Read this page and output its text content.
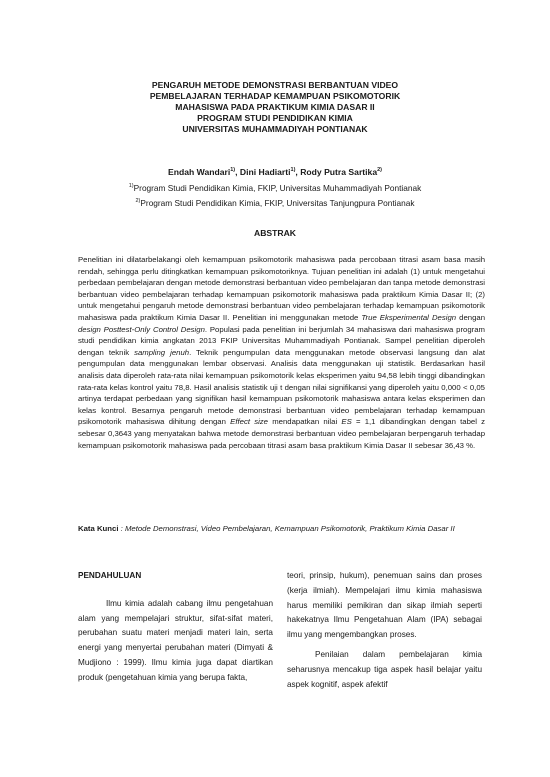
PENGARUH METODE DEMONSTRASI BERBANTUAN VIDEO
PEMBELAJARAN TERHADAP KEMAMPUAN PSIKOMOTORIK
MAHASISWA PADA PRAKTIKUM KIMIA DASAR II
PROGRAM STUDI PENDIDIKAN KIMIA
UNIVERSITAS MUHAMMADIYAH PONTIANAK
Endah Wandari$^{1)}$, Dini Hadiarti$^{1)}$, Rody Putra Sartika$^{2)}$
$^{1)}$Program Studi Pendidikan Kimia, FKIP, Universitas Muhammadiyah Pontianak
$^{2)}$Program Studi Pendidikan Kimia, FKIP, Universitas Tanjungpura Pontianak
ABSTRAK

Penelitian ini dilatarbelakangi oleh kemampuan psikomotorik mahasiswa pada percobaan titrasi asam basa masih rendah, sehingga perlu ditingkatkan kemampuan psikomotoriknya. Tujuan penelitian ini adalah (1) untuk mengetahui perbedaan pembelajaran dengan metode demonstrasi berbantuan video pembelajaran dan tanpa metode demonstrasi berbantuan video pembelajaran terhadap kemampuan psikomotorik mahasiswa pada praktikum Kimia Dasar II; (2) untuk mengetahui pengaruh metode demonstrasi berbantuan video pembelajaran terhadap kemampuan psikomotorik mahasiswa pada praktikum Kimia Dasar II. Penelitian ini menggunakan metode True Eksperimental Design dengan design Posttest-Only Control Design. Populasi pada penelitian ini berjumlah 34 mahasiswa dari mahasiswa program studi pendidikan kimia angkatan 2013 FKIP Universitas Muhammadiyah Pontianak. Sampel penelitian diperoleh dengan teknik sampling jenuh. Teknik pengumpulan data menggunakan metode observasi langsung dan alat pengumpulan data menggunakan lembar observasi. Analisis data menggunakan uji statistik. Berdasarkan hasil analisis data diperoleh rata-rata nilai kemampuan psikomotorik kelas eksperimen yaitu 94,58 lebih tinggi dibandingkan rata-rata kelas kontrol yaitu 78,8. Hasil analisis statistik uji t dengan nilai signifikansi yang diperoleh yaitu 0,000 < 0,05 artinya terdapat perbedaan yang signifikan hasil kemampuan psikomotorik mahasiswa antara kelas eksperimen dan kelas kontrol. Besarnya pengaruh metode demonstrasi berbantuan video pembelajaran terhadap kemampuan psikomotorik mahasiswa dihitung dengan Effect size mendapatkan nilai ES = 1,1 dibandingkan dengan tabel z sebesar 0,3643 yang menyatakan bahwa metode demonstrasi berbantuan video pembelajaran berpengaruh terhadap kemampuan psikomotorik mahasiswa pada percobaan titrasi asam basa praktikum Kimia Dasar II sebesar 36,43 %.

Kata Kunci : Metode Demonstrasi, Video Pembelajaran, Kemampuan Psikomotorik, Praktikum Kimia Dasar II

PENDAHULUAN

Ilmu kimia adalah cabang ilmu pengetahuan alam yang mempelajari struktur, sifat-sifat materi, perubahan suatu materi menjadi materi lain, serta energi yang menyertai perubahan materi (Dimyati & Mudjiono : 1999). Ilmu kimia juga dapat diartikan produk (pengetahuan kimia yang berupa fakta,

teori, prinsip, hukum), penemuan sains dan proses (kerja ilmiah). Mempelajari ilmu kimia mahasiswa harus memiliki pemikiran dan sikap ilmiah seperti hakekatnya Ilmu Pengetahuan Alam (IPA) sebagai ilmu yang mengembangkan proses.

Penilaian dalam pembelajaran kimia seharusnya mencakup tiga aspek hasil belajar yaitu aspek kognitif, aspek afektif
